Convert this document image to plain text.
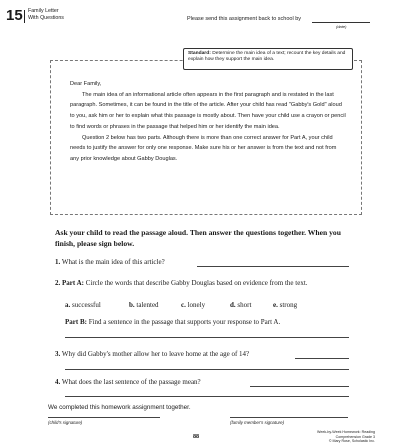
15 Family Letter
With Questions	Please send this assignment back to school by
(date)
Standard: Determine the main idea of a text; recount the key details and explain how they support the main idea.

Dear Family,

The main idea of an informational article often appears in the first paragraph and is restated in the last paragraph. Sometimes, it can be found in the title of the article. After your child has read "Gabby's Gold" aloud to you, ask him or her to explain what this passage is mostly about. Then have your child use a crayon or pencil to find words or phrases in the passage that helped him or her identify the main idea.

Question 2 below has two parts. Although there is more than one correct answer for Part A, your child needs to justify the answer for only one response. Make sure his or her answer is from the text and not from any prior knowledge about Gabby Douglas.

Ask your child to read the passage aloud. Then answer the questions together. When you finish, please sign below.
1. What is the main idea of this article?
2. Part A: Circle the words that describe Gabby Douglas based on evidence from the text.
a. successful	b. talented	c. lonely	d. short	e. strong
Part B: Find a sentence in the passage that supports your response to Part A.
3. Why did Gabby's mother allow her to leave home at the age of 14?
4. What does the last sentence of the passage mean?
We completed this homework assignment together.
(child's signature)	(family member's signature)
88
Week-by-Week Homework: Reading Comprehension Grade 3
© Mary Rose, Scholastic Inc.
